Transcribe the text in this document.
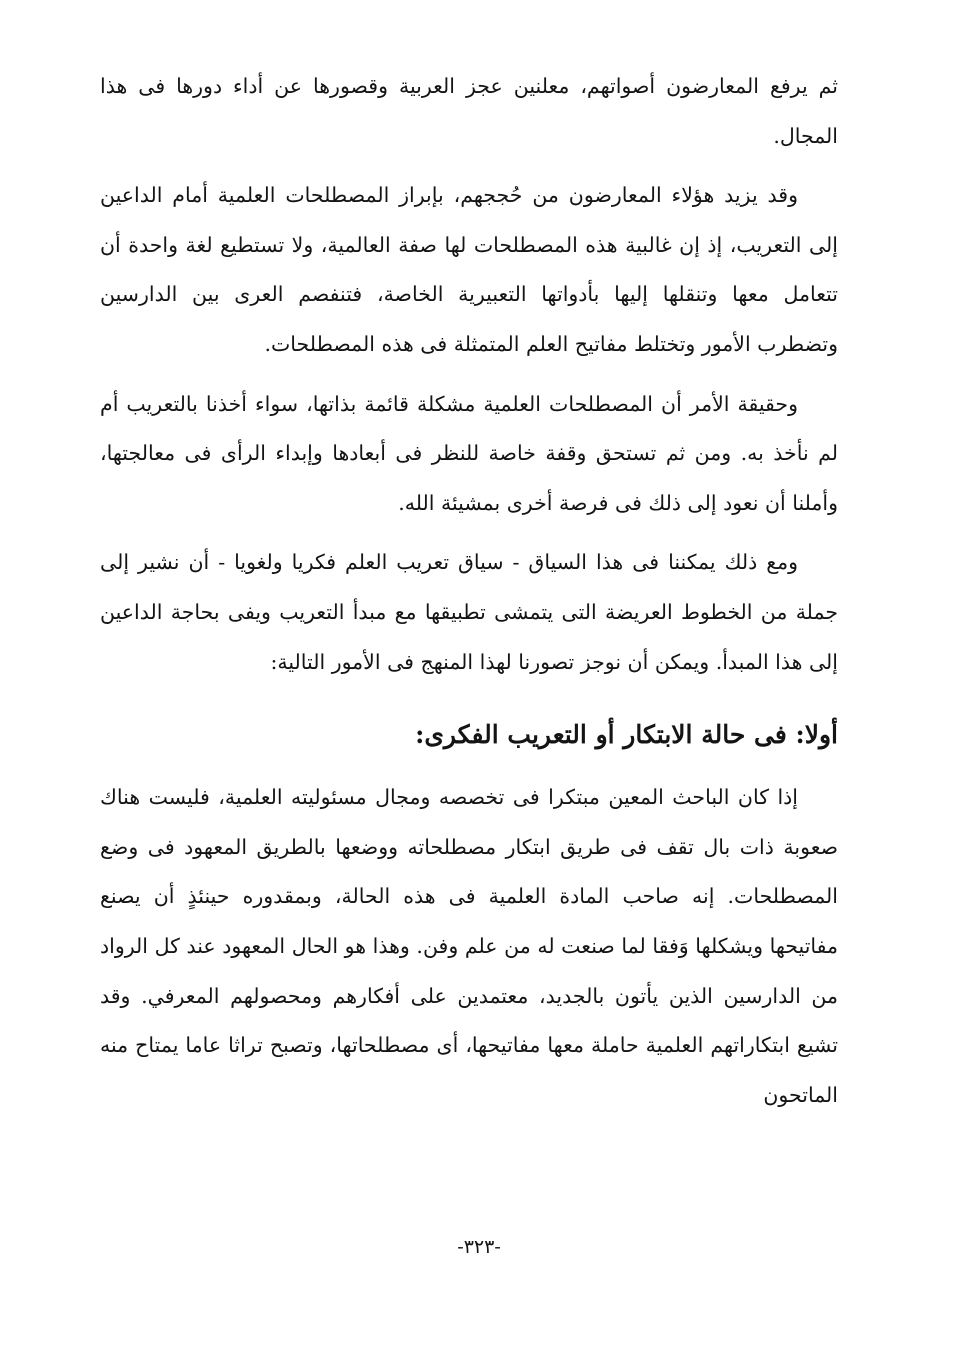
ثم يرفع المعارضون أصواتهم، معلنين عجز العربية وقصورها عن أداء دورها فى هذا المجال.

وقد يزيد هؤلاء المعارضون من حُججهم، بإبراز المصطلحات العلمية أمام الداعين إلى التعريب، إذ إن غالبية هذه المصطلحات لها صفة العالمية، ولا تستطيع لغة واحدة أن تتعامل معها وتنقلها إليها بأدواتها التعبيرية الخاصة، فتنفصم العرى بين الدارسين وتضطرب الأمور وتختلط مفاتيح العلم المتمثلة فى هذه المصطلحات.

وحقيقة الأمر أن المصطلحات العلمية مشكلة قائمة بذاتها، سواء أخذنا بالتعريب أم لم نأخذ به. ومن ثم تستحق وقفة خاصة للنظر فى أبعادها وإبداء الرأى فى معالجتها، وأملنا أن نعود إلى ذلك فى فرصة أخرى بمشيئة الله.

ومع ذلك يمكننا فى هذا السياق - سياق تعريب العلم فكريا ولغويا - أن نشير إلى جملة من الخطوط العريضة التى يتمشى تطبيقها مع مبدأ التعريب ويفى بحاجة الداعين إلى هذا المبدأ. ويمكن أن نوجز تصورنا لهذا المنهج فى الأمور التالية:

أولا: فى حالة الابتكار أو التعريب الفكرى:

إذا كان الباحث المعين مبتكرا فى تخصصه ومجال مسئوليته العلمية، فليست هناك صعوبة ذات بال تقف فى طريق ابتكار مصطلحاته ووضعها بالطريق المعهود فى وضع المصطلحات. إنه صاحب المادة العلمية فى هذه الحالة، وبمقدوره حينئذٍ أن يصنع مفاتيحها ويشكلها وَفقا لما صنعت له من علم وفن. وهذا هو الحال المعهود عند كل الرواد من الدارسين الذين يأتون بالجديد، معتمدين على أفكارهم ومحصولهم المعرفي. وقد تشيع ابتكاراتهم العلمية حاملة معها مفاتيحها، أى مصطلحاتها، وتصبح تراثا عاما يمتاح منه الماتحون

-٣٢٣-
